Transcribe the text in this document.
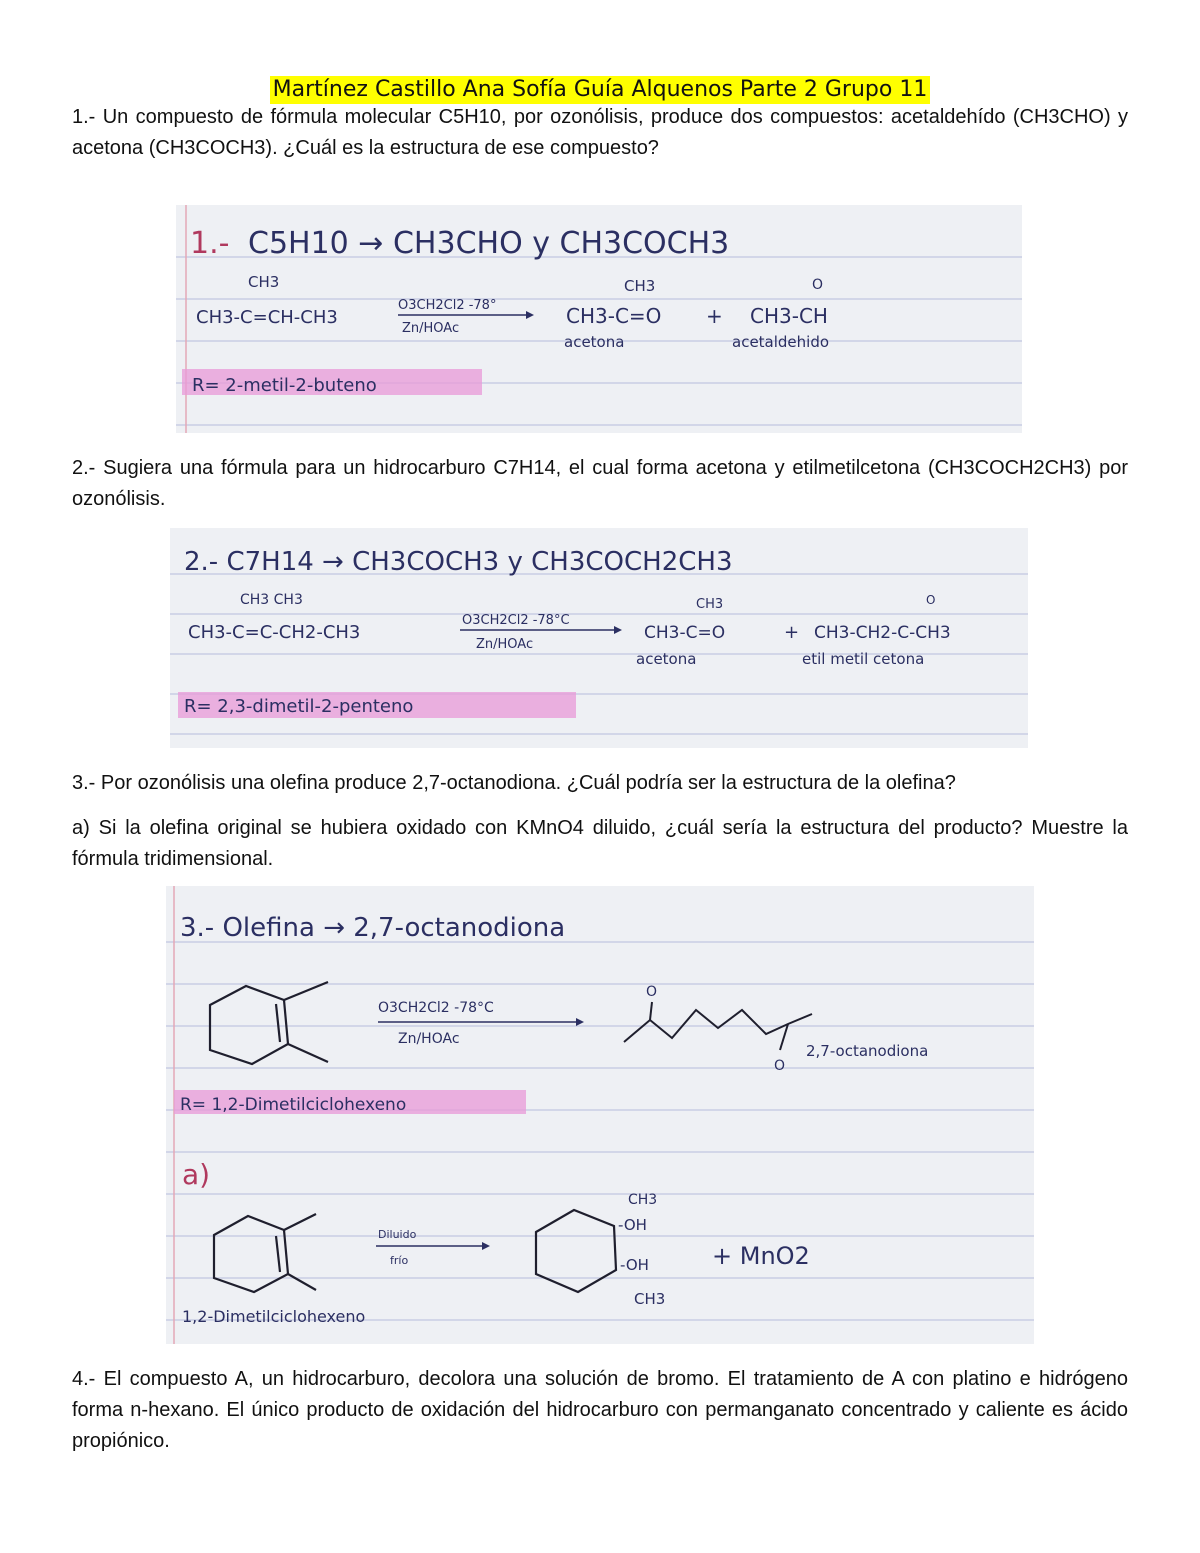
Martínez Castillo Ana Sofía Guía Alquenos Parte 2 Grupo 11
1.- Un compuesto de fórmula molecular C5H10, por ozonólisis, produce dos compuestos: acetaldehído (CH3CHO) y acetona (CH3COCH3). ¿Cuál es la estructura de ese compuesto?
1.- C5H10 → CH3CHO y CH3COCH3
CH3
CH3-C=CH-CH3
O3CH2Cl2 -78°
Zn/HOAc
CH3
CH3-C=O +
O
CH3-CH
acetona	acetaldehido
R= 2-metil-2-buteno
2.- Sugiera una fórmula para un hidrocarburo C7H14, el cual forma acetona y etilmetilcetona (CH3COCH2CH3) por ozonólisis.
2.- C7H14 → CH3COCH3 y CH3COCH2CH3
CH3 CH3
CH3-C=C-CH2-CH3
O3CH2Cl2 -78°C
Zn/HOAc
CH3
CH3-C=O	+
O
CH3-CH2-C-CH3
acetona	etil metil cetona
R= 2,3-dimetil-2-penteno
3.- Por ozonólisis una olefina produce 2,7-octanodiona. ¿Cuál podría ser la estructura de la olefina?
a) Si la olefina original se hubiera oxidado con KMnO4 diluido, ¿cuál sería la estructura del producto? Muestre la fórmula tridimensional.
3.- Olefina → 2,7-octanodiona
O3CH2Cl2 -78°C
Zn/HOAc
O
O
2,7-octanodiona
R= 1,2-Dimetilciclohexeno
a)
Diluido
frío
CH3
-OH
-OH
CH3
+ MnO2
1,2-Dimetilciclohexeno
4.- El compuesto A, un hidrocarburo, decolora una solución de bromo. El tratamiento de A con platino e hidrógeno forma n-hexano. El único producto de oxidación del hidrocarburo con permanganato concentrado y caliente es ácido propiónico.
